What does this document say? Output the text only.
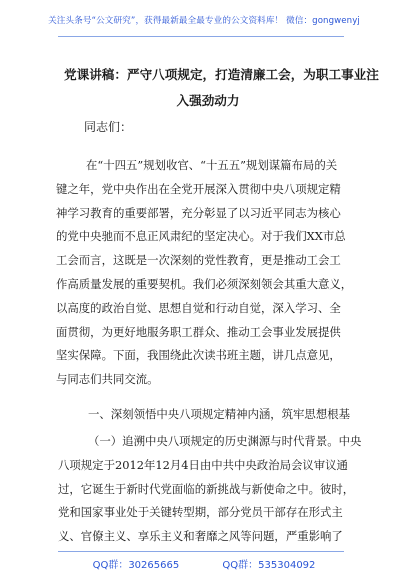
关注头条号“公文研究”，获得最新最全最专业的公文资料库！ 微信：gongwenyj
党课讲稿：严守八项规定，打造清廉工会，为职工事业注
入强劲动力
同志们：
在“十四五”规划收官、“十五五”规划谋篇布局的关
键之年，党中央作出在全党开展深入贯彻中央八项规定精
神学习教育的重要部署，充分彰显了以习近平同志为核心
的党中央驰而不息正风肃纪的坚定决心。对于我们XX市总
工会而言，这既是一次深刻的党性教育，更是推动工会工
作高质量发展的重要契机。我们必须深刻领会其重大意义，
以高度的政治自觉、思想自觉和行动自觉，深入学习、全
面贯彻，为更好地服务职工群众、推动工会事业发展提供
坚实保障。下面，我围绕此次读书班主题，讲几点意见，
与同志们共同交流。
一、深刻领悟中央八项规定精神内涵，筑牢思想根基
（一）追溯中央八项规定的历史渊源与时代背景。中央
八项规定于2012年12月4日由中共中央政治局会议审议通
过，它诞生于新时代党面临的新挑战与新使命之中。彼时，
党和国家事业处于关键转型期，部分党员干部存在形式主
义、官僚主义、享乐主义和奢靡之风等问题，严重影响了
QQ群：30265665	QQ群：535304092
